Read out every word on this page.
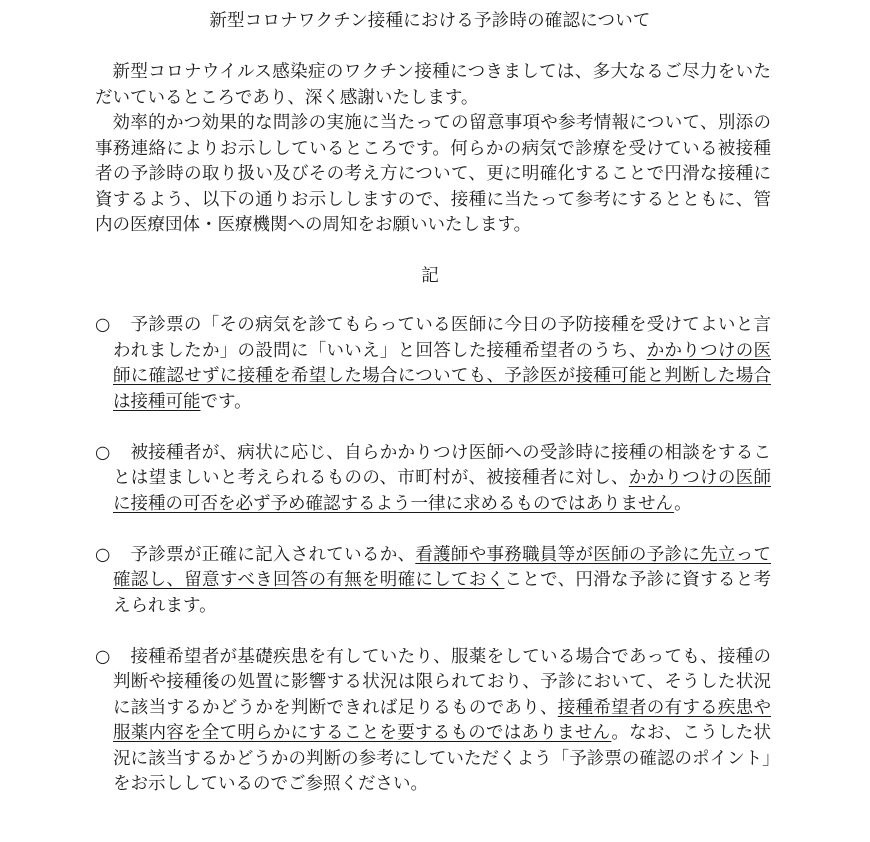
新型コロナワクチン接種における予診時の確認について

新型コロナウイルス感染症のワクチン接種につきましては、多大なるご尽力をいただいているところであり、深く感謝いたします。

効率的かつ効果的な問診の実施に当たっての留意事項や参考情報について、別添の事務連絡によりお示ししているところです。何らかの病気で診療を受けている被接種者の予診時の取り扱い及びその考え方について、更に明確化することで円滑な接種に資するよう、以下の通りお示ししますので、接種に当たって参考にするとともに、管内の医療団体・医療機関への周知をお願いいたします。

記
○	予診票の「その病気を診てもらっている医師に今日の予防接種を受けてよいと言われましたか」の設問に「いいえ」と回答した接種希望者のうち、かかりつけの医師に確認せずに接種を希望した場合についても、予診医が接種可能と判断した場合は接種可能です。
○	被接種者が、病状に応じ、自らかかりつけ医師への受診時に接種の相談をすることは望ましいと考えられるものの、市町村が、被接種者に対し、かかりつけの医師に接種の可否を必ず予め確認するよう一律に求めるものではありません。
○	予診票が正確に記入されているか、看護師や事務職員等が医師の予診に先立って確認し、留意すべき回答の有無を明確にしておくことで、円滑な予診に資すると考えられます。
○	接種希望者が基礎疾患を有していたり、服薬をしている場合であっても、接種の判断や接種後の処置に影響する状況は限られており、予診において、そうした状況に該当するかどうかを判断できれば足りるものであり、接種希望者の有する疾患や服薬内容を全て明らかにすることを要するものではありません。なお、こうした状況に該当するかどうかの判断の参考にしていただくよう「予診票の確認のポイント」をお示ししているのでご参照ください。
